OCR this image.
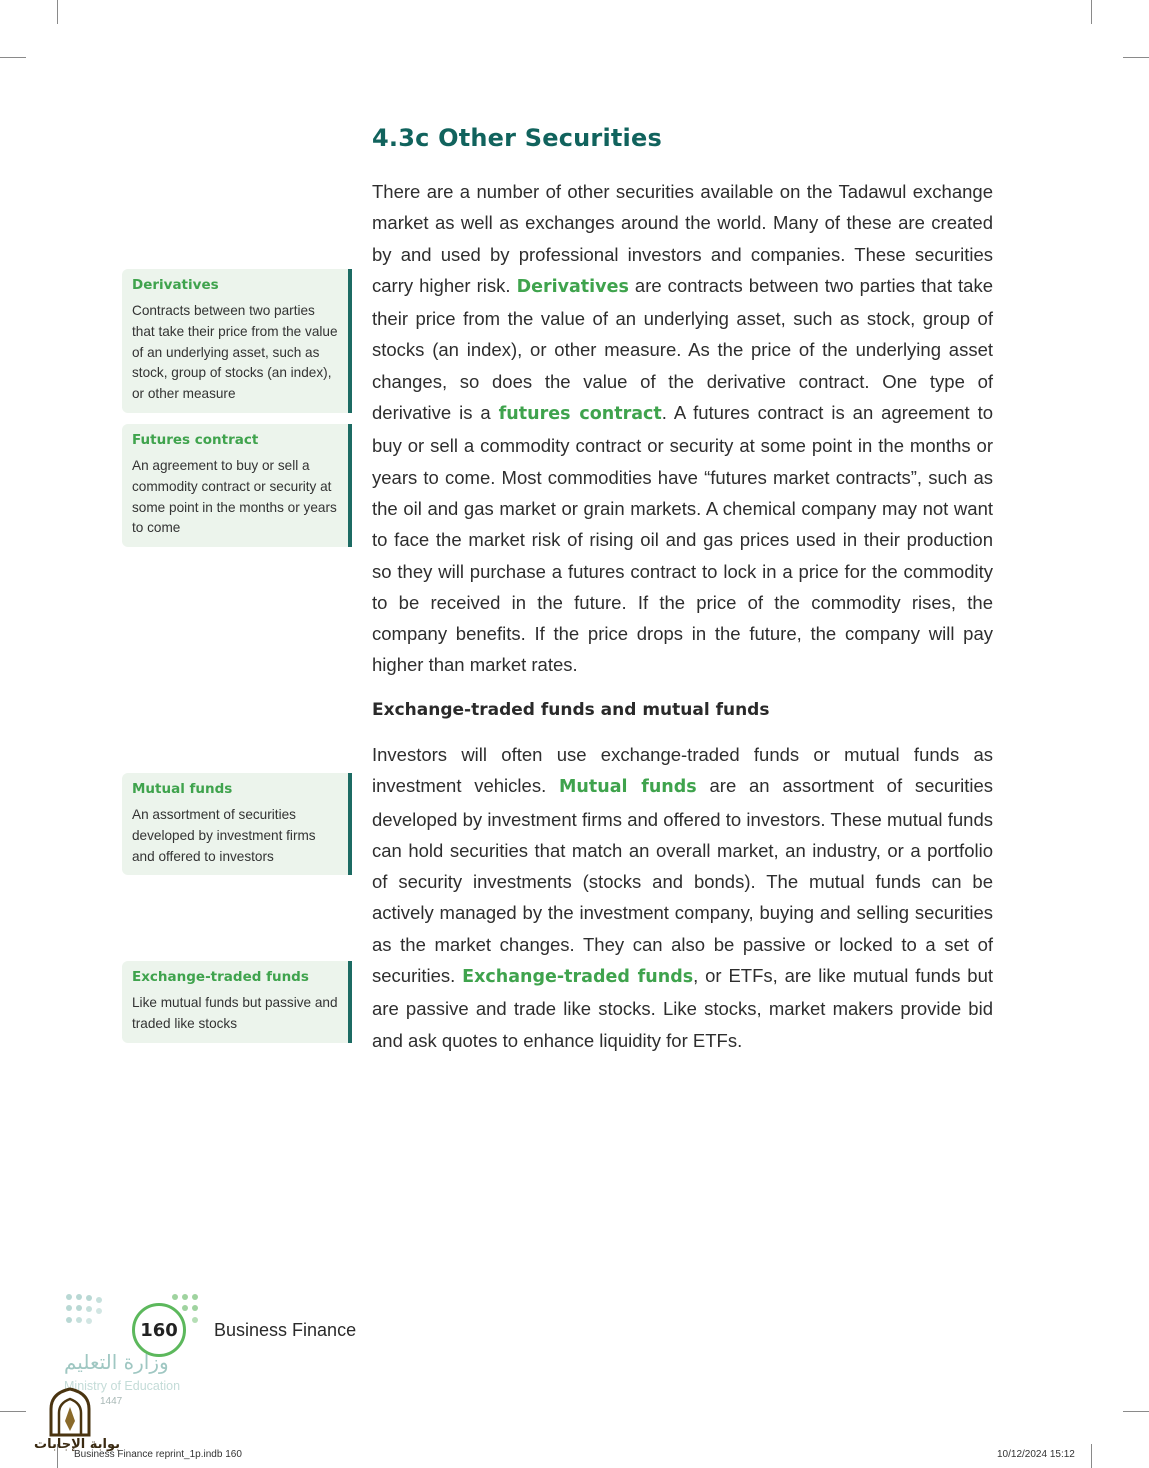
4.3c Other Securities

There are a number of other securities available on the Tadawul exchange market as well as exchanges around the world. Many of these are created by and used by professional investors and companies. These securities carry higher risk. Derivatives are contracts between two parties that take their price from the value of an underlying asset, such as stock, group of stocks (an index), or other measure. As the price of the underlying asset changes, so does the value of the derivative contract. One type of derivative is a futures contract. A futures contract is an agreement to buy or sell a commodity contract or security at some point in the months or years to come. Most commodities have “futures market contracts”, such as the oil and gas market or grain markets. A chemical company may not want to face the market risk of rising oil and gas prices used in their production so they will purchase a futures contract to lock in a price for the commodity to be received in the future. If the price of the commodity rises, the company benefits. If the price drops in the future, the company will pay higher than market rates.

Exchange-traded funds and mutual funds

Investors will often use exchange-traded funds or mutual funds as investment vehicles. Mutual funds are an assortment of securities developed by investment firms and offered to investors. These mutual funds can hold securities that match an overall market, an industry, or a portfolio of security investments (stocks and bonds). The mutual funds can be actively managed by the investment company, buying and selling securities as the market changes. They can also be passive or locked to a set of securities. Exchange-traded funds, or ETFs, are like mutual funds but are passive and trade like stocks. Like stocks, market makers provide bid and ask quotes to enhance liquidity for ETFs.

Derivatives

Contracts between two parties that take their price from the value of an underlying asset, such as stock, group of stocks (an index), or other measure

Futures contract

An agreement to buy or sell a commodity contract or security at some point in the months or years to come

Mutual funds

An assortment of securities developed by investment firms and offered to investors

Exchange-traded funds

Like mutual funds but passive and traded like stocks

160	Business Finance

وزارة التعليم

Ministry of Education

1447

بوابة الإجابات

Business Finance reprint_1p.indb 160	10/12/2024 15:12
